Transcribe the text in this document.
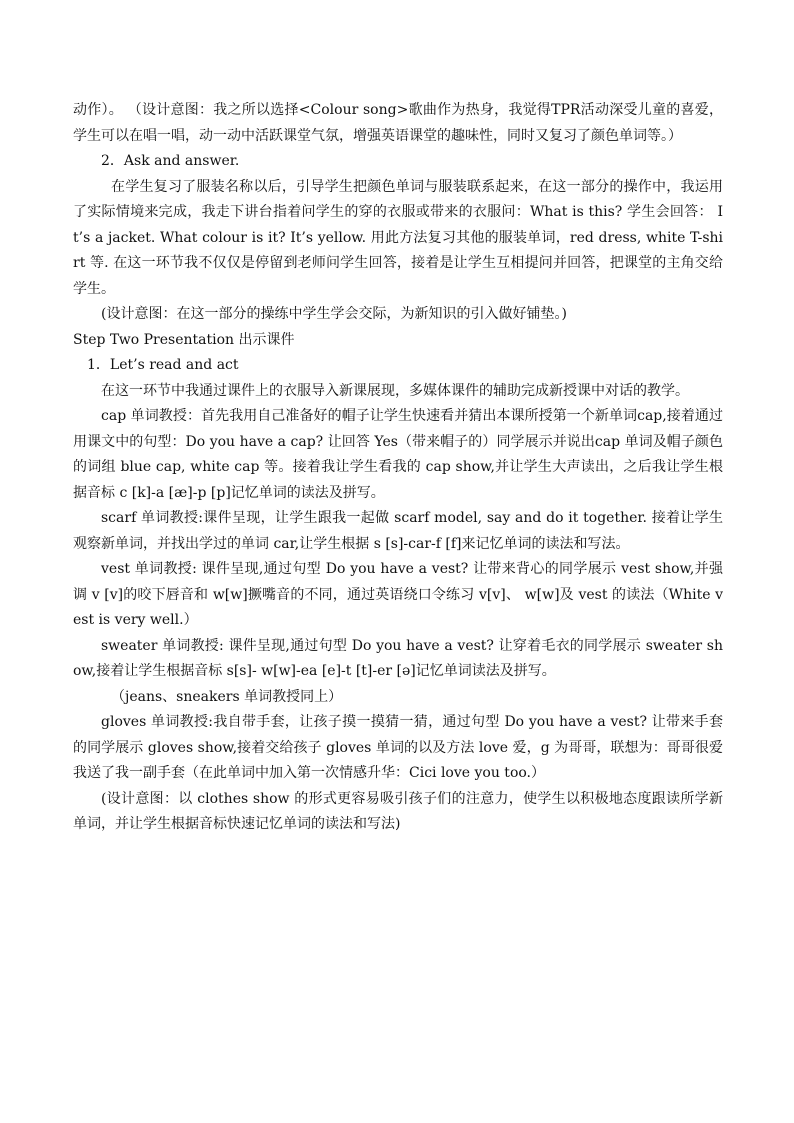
动作）。 （设计意图：我之所以选择<Colour song>歌曲作为热身，我觉得TPR活动深受儿童的喜爱，学生可以在唱一唱，动一动中活跃课堂气氛，增强英语课堂的趣味性，同时又复习了颜色单词等。）

2．Ask and answer.

在学生复习了服装名称以后，引导学生把颜色单词与服装联系起来，在这一部分的操作中，我运用了实际情境来完成，我走下讲台指着问学生的穿的衣服或带来的衣服问：What is this? 学生会回答： It’s a jacket. What colour is it? It’s yellow. 用此方法复习其他的服装单词，red dress, white T-shirt 等. 在这一环节我不仅仅是停留到老师问学生回答，接着是让学生互相提问并回答，把课堂的主角交给学生。

(设计意图：在这一部分的操练中学生学会交际，为新知识的引入做好铺垫。)

Step Two Presentation 出示课件

1．Let’s read and act

在这一环节中我通过课件上的衣服导入新课展现，多媒体课件的辅助完成新授课中对话的教学。

cap 单词教授：首先我用自己准备好的帽子让学生快速看并猜出本课所授第一个新单词cap,接着通过用课文中的句型：Do you have a cap? 让回答 Yes（带来帽子的）同学展示并说出cap 单词及帽子颜色的词组 blue cap, white cap 等。接着我让学生看我的 cap show,并让学生大声读出，之后我让学生根据音标 c [k]-a [æ]-p [p]记忆单词的读法及拼写。

scarf 单词教授:课件呈现，让学生跟我一起做 scarf model, say and do it together. 接着让学生观察新单词，并找出学过的单词 car,让学生根据 s [s]-car-f [f]来记忆单词的读法和写法。

vest 单词教授: 课件呈现,通过句型 Do you have a vest? 让带来背心的同学展示 vest show,并强调 v [v]的咬下唇音和 w[w]撅嘴音的不同，通过英语绕口令练习 v[v]、 w[w]及 vest 的读法（White vest is very well.）

sweater 单词教授: 课件呈现,通过句型 Do you have a vest? 让穿着毛衣的同学展示 sweater show,接着让学生根据音标 s[s]- w[w]-ea [e]-t [t]-er [ə]记忆单词读法及拼写。

（jeans、sneakers 单词教授同上）

gloves 单词教授:我自带手套，让孩子摸一摸猜一猜，通过句型 Do you have a vest? 让带来手套的同学展示 gloves show,接着交给孩子 gloves 单词的以及方法 love 爱，g 为哥哥，联想为：哥哥很爱我送了我一副手套（在此单词中加入第一次情感升华：Cici love you too.）

(设计意图：以 clothes show 的形式更容易吸引孩子们的注意力，使学生以积极地态度跟读所学新单词，并让学生根据音标快速记忆单词的读法和写法)
